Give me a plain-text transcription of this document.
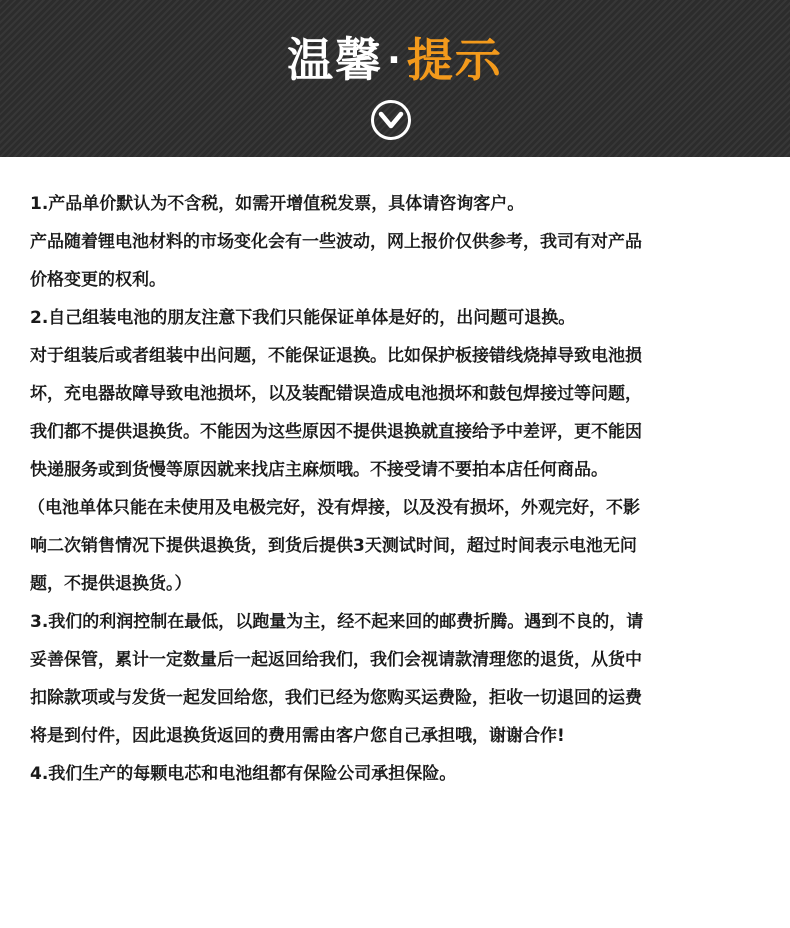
温馨 ·提示
1.产品单价默认为不含税，如需开增值税发票，具体请咨询客户。
产品随着锂电池材料的市场变化会有一些波动，网上报价仅供参考，我司有对产品
价格变更的权利。
2.自己组装电池的朋友注意下我们只能保证单体是好的，出问题可退换。
对于组装后或者组装中出问题，不能保证退换。比如保护板接错线烧掉导致电池损
坏，充电器故障导致电池损坏，以及装配错误造成电池损坏和鼓包焊接过等问题，
我们都不提供退换货。不能因为这些原因不提供退换就直接给予中差评，更不能因
快递服务或到货慢等原因就来找店主麻烦哦。不接受请不要拍本店任何商品。
（电池单体只能在未使用及电极完好，没有焊接，以及没有损坏，外观完好，不影
响二次销售情况下提供退换货，到货后提供3天测试时间，超过时间表示电池无问
题，不提供退换货。）
3.我们的利润控制在最低，以跑量为主，经不起来回的邮费折腾。遇到不良的，请
妥善保管，累计一定数量后一起返回给我们，我们会视请款清理您的退货，从货中
扣除款项或与发货一起发回给您，我们已经为您购买运费险，拒收一切退回的运费
将是到付件，因此退换货返回的费用需由客户您自己承担哦，谢谢合作!
4.我们生产的每颗电芯和电池组都有保险公司承担保险。
